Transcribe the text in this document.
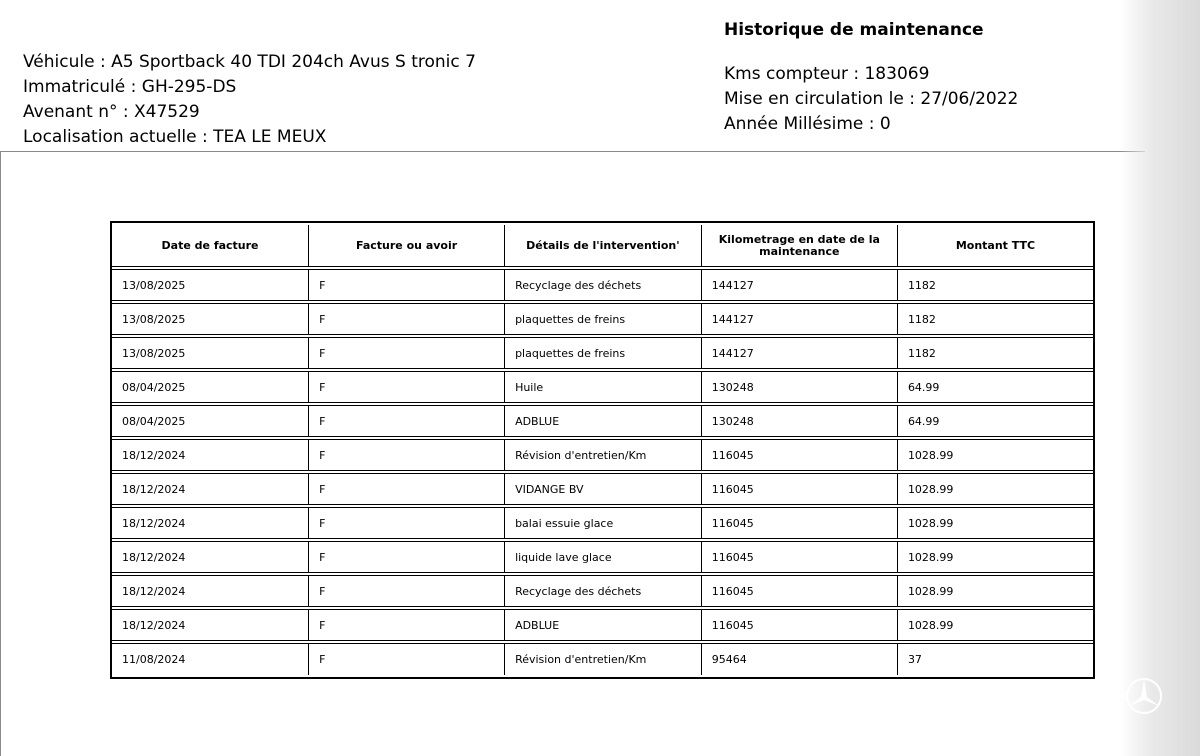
Véhicule : A5 Sportback 40 TDI 204ch Avus S tronic 7
Immatriculé : GH-295-DS
Avenant n° : X47529
Localisation actuelle : TEA LE MEUX
Historique de maintenance
Kms compteur : 183069
Mise en circulation le : 27/06/2022
Année Millésime : 0
Date de facture	Facture ou avoir	Détails de l'intervention'	Kilometrage en date de la maintenance	Montant TTC
13/08/2025	F	Recyclage des déchets	144127	1182
13/08/2025	F	plaquettes de freins	144127	1182
13/08/2025	F	plaquettes de freins	144127	1182
08/04/2025	F	Huile	130248	64.99
08/04/2025	F	ADBLUE	130248	64.99
18/12/2024	F	Révision d'entretien/Km	116045	1028.99
18/12/2024	F	VIDANGE BV	116045	1028.99
18/12/2024	F	balai essuie glace	116045	1028.99
18/12/2024	F	liquide lave glace	116045	1028.99
18/12/2024	F	Recyclage des déchets	116045	1028.99
18/12/2024	F	ADBLUE	116045	1028.99
11/08/2024	F	Révision d'entretien/Km	95464	37
